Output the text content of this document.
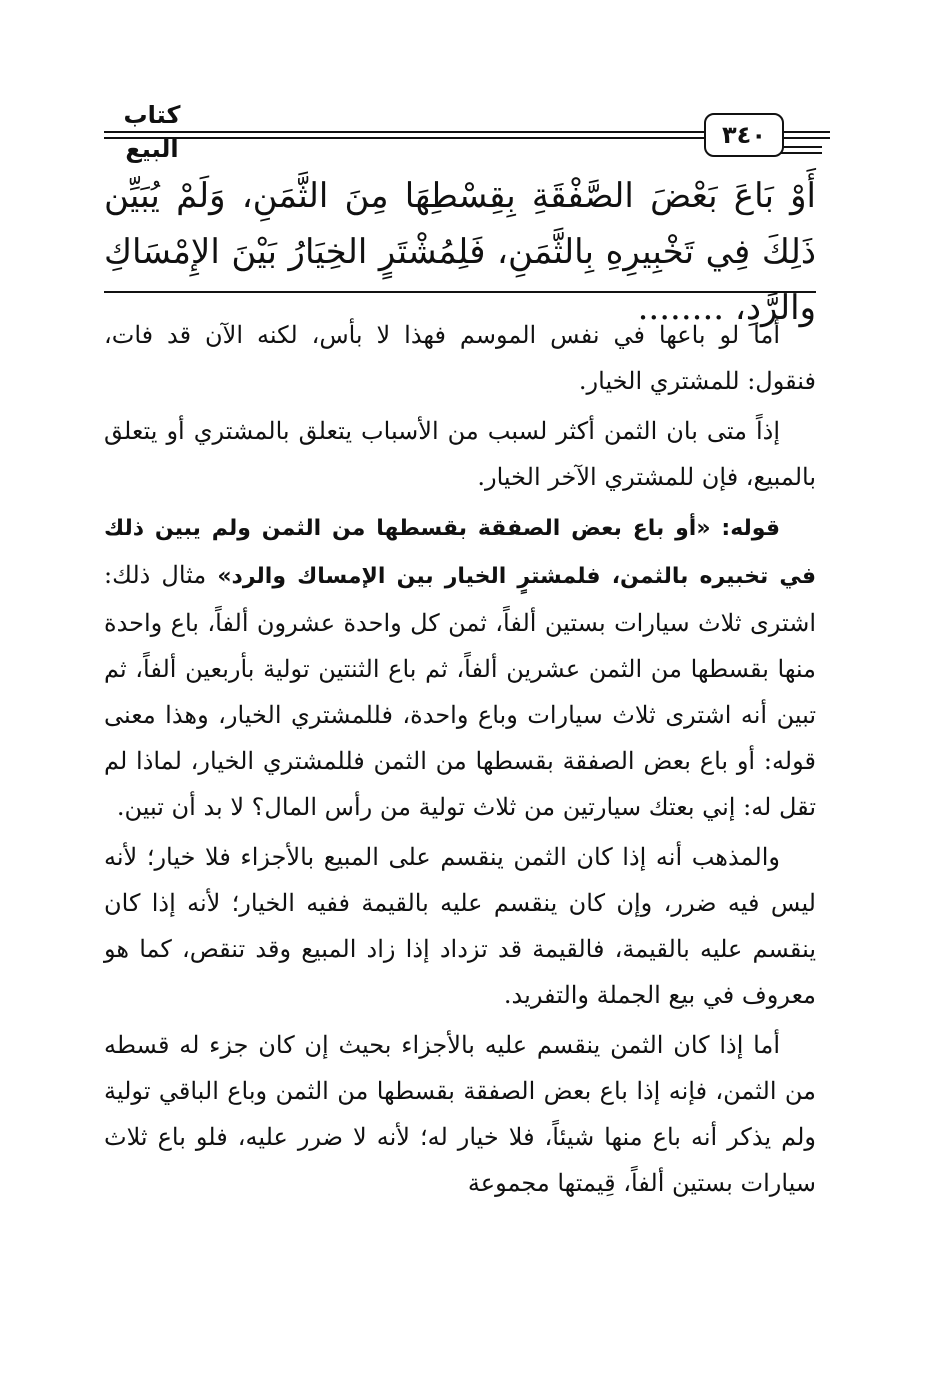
كتاب البيع	٣٤٠
أَوْ بَاعَ بَعْضَ الصَّفْقَةِ بِقِسْطِهَا مِنَ الثَّمَنِ، وَلَمْ يُبَيِّن ذَلِكَ فِي تَخْبِيرِهِ بِالثَّمَنِ، فَلِمُشْتَرٍ الخِيَارُ بَيْنَ الإِمْسَاكِ والرَّدِ، ........

أما لو باعها في نفس الموسم فهذا لا بأس، لكنه الآن قد فات، فنقول: للمشتري الخيار.

إذاً متى بان الثمن أكثر لسبب من الأسباب يتعلق بالمشتري أو يتعلق بالمبيع، فإن للمشتري الآخر الخيار.

قوله: «أو باع بعض الصفقة بقسطها من الثمن ولم يبين ذلك في تخبيره بالثمن، فلمشترٍ الخيار بين الإمساك والرد» مثال ذلك: اشترى ثلاث سيارات بستين ألفاً، ثمن كل واحدة عشرون ألفاً، باع واحدة منها بقسطها من الثمن عشرين ألفاً، ثم باع الثنتين تولية بأربعين ألفاً، ثم تبين أنه اشترى ثلاث سيارات وباع واحدة، فللمشتري الخيار، وهذا معنى قوله: أو باع بعض الصفقة بقسطها من الثمن فللمشتري الخيار، لماذا لم تقل له: إني بعتك سيارتين من ثلاث تولية من رأس المال؟ لا بد أن تبين.

والمذهب أنه إذا كان الثمن ينقسم على المبيع بالأجزاء فلا خيار؛ لأنه ليس فيه ضرر، وإن كان ينقسم عليه بالقيمة ففيه الخيار؛ لأنه إذا كان ينقسم عليه بالقيمة، فالقيمة قد تزداد إذا زاد المبيع وقد تنقص، كما هو معروف في بيع الجملة والتفريد.

أما إذا كان الثمن ينقسم عليه بالأجزاء بحيث إن كان جزء له قسطه من الثمن، فإنه إذا باع بعض الصفقة بقسطها من الثمن وباع الباقي تولية ولم يذكر أنه باع منها شيئاً، فلا خيار له؛ لأنه لا ضرر عليه، فلو باع ثلاث سيارات بستين ألفاً، قِيمتها مجموعة
